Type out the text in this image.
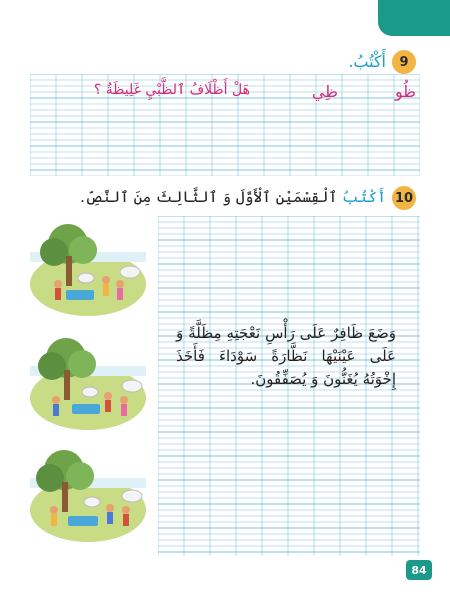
9
أَكْتُبُ.
ظُو
ظِي
هَلْ أَظْلَافُ ٱلظَّبْيِ غَلِيظَةٌ ؟
10
أَكْتُبُ ٱلْقِسْمَيْنِ ٱلْأَوَّلَ وَ ٱلثَّالِثَ مِنَ ٱلنَّصِّ.
وَضَعَ ظَافِرٌ عَلَى رَأْسِ نَعْجَتِهِ مِظَلَّةً وَ عَلَى عَيْنَيْهَا نَظَّارَةً سَوْدَاءَ فَأَخَذَ إِخْوَتُهُ يُغَنُّونَ وَ يُصَفِّقُونَ.
84
